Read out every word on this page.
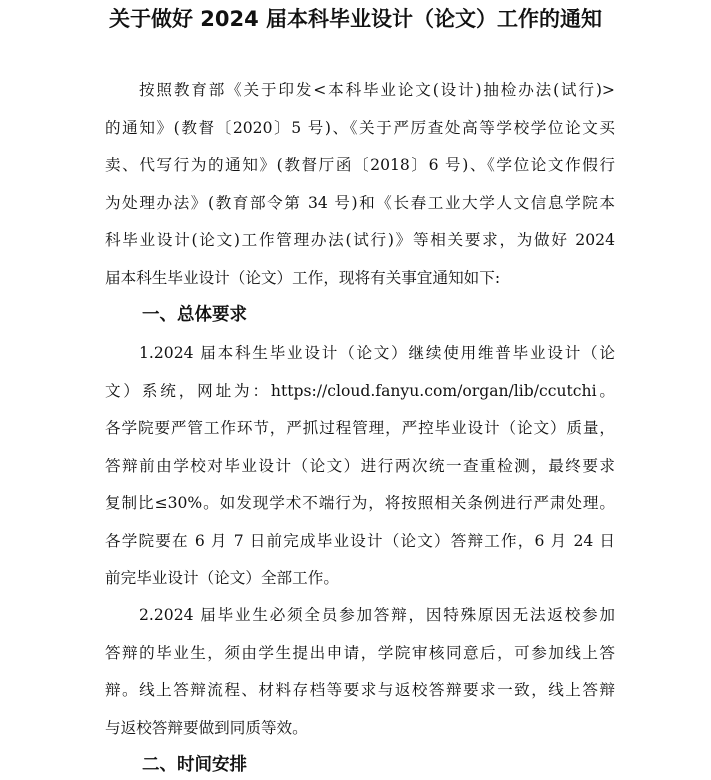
关于做好 2024 届本科毕业设计（论文）工作的通知
按照教育部《关于印发<本科毕业论文(设计)抽检办法(试行)>
的通知》(教督〔2020〕5 号)、《关于严厉查处高等学校学位论文买
卖、代写行为的通知》(教督厅函〔2018〕6 号)、《学位论文作假行
为处理办法》(教育部令第 34 号)和《长春工业大学人文信息学院本
科毕业设计(论文)工作管理办法(试行)》等相关要求，为做好 2024
届本科生毕业设计（论文）工作，现将有关事宜通知如下:
一、总体要求
1.2024 届本科生毕业设计（论文）继续使用维普毕业设计（论
文）系统，网址为：https://cloud.fanyu.com/organ/lib/ccutchi。
各学院要严管工作环节，严抓过程管理，严控毕业设计（论文）质量，
答辩前由学校对毕业设计（论文）进行两次统一查重检测，最终要求
复制比≤30%。如发现学术不端行为，将按照相关条例进行严肃处理。
各学院要在 6 月 7 日前完成毕业设计（论文）答辩工作，6 月 24 日
前完毕业设计（论文）全部工作。
2.2024 届毕业生必须全员参加答辩，因特殊原因无法返校参加
答辩的毕业生，须由学生提出申请，学院审核同意后，可参加线上答
辩。线上答辩流程、材料存档等要求与返校答辩要求一致，线上答辩
与返校答辩要做到同质等效。
二、时间安排
